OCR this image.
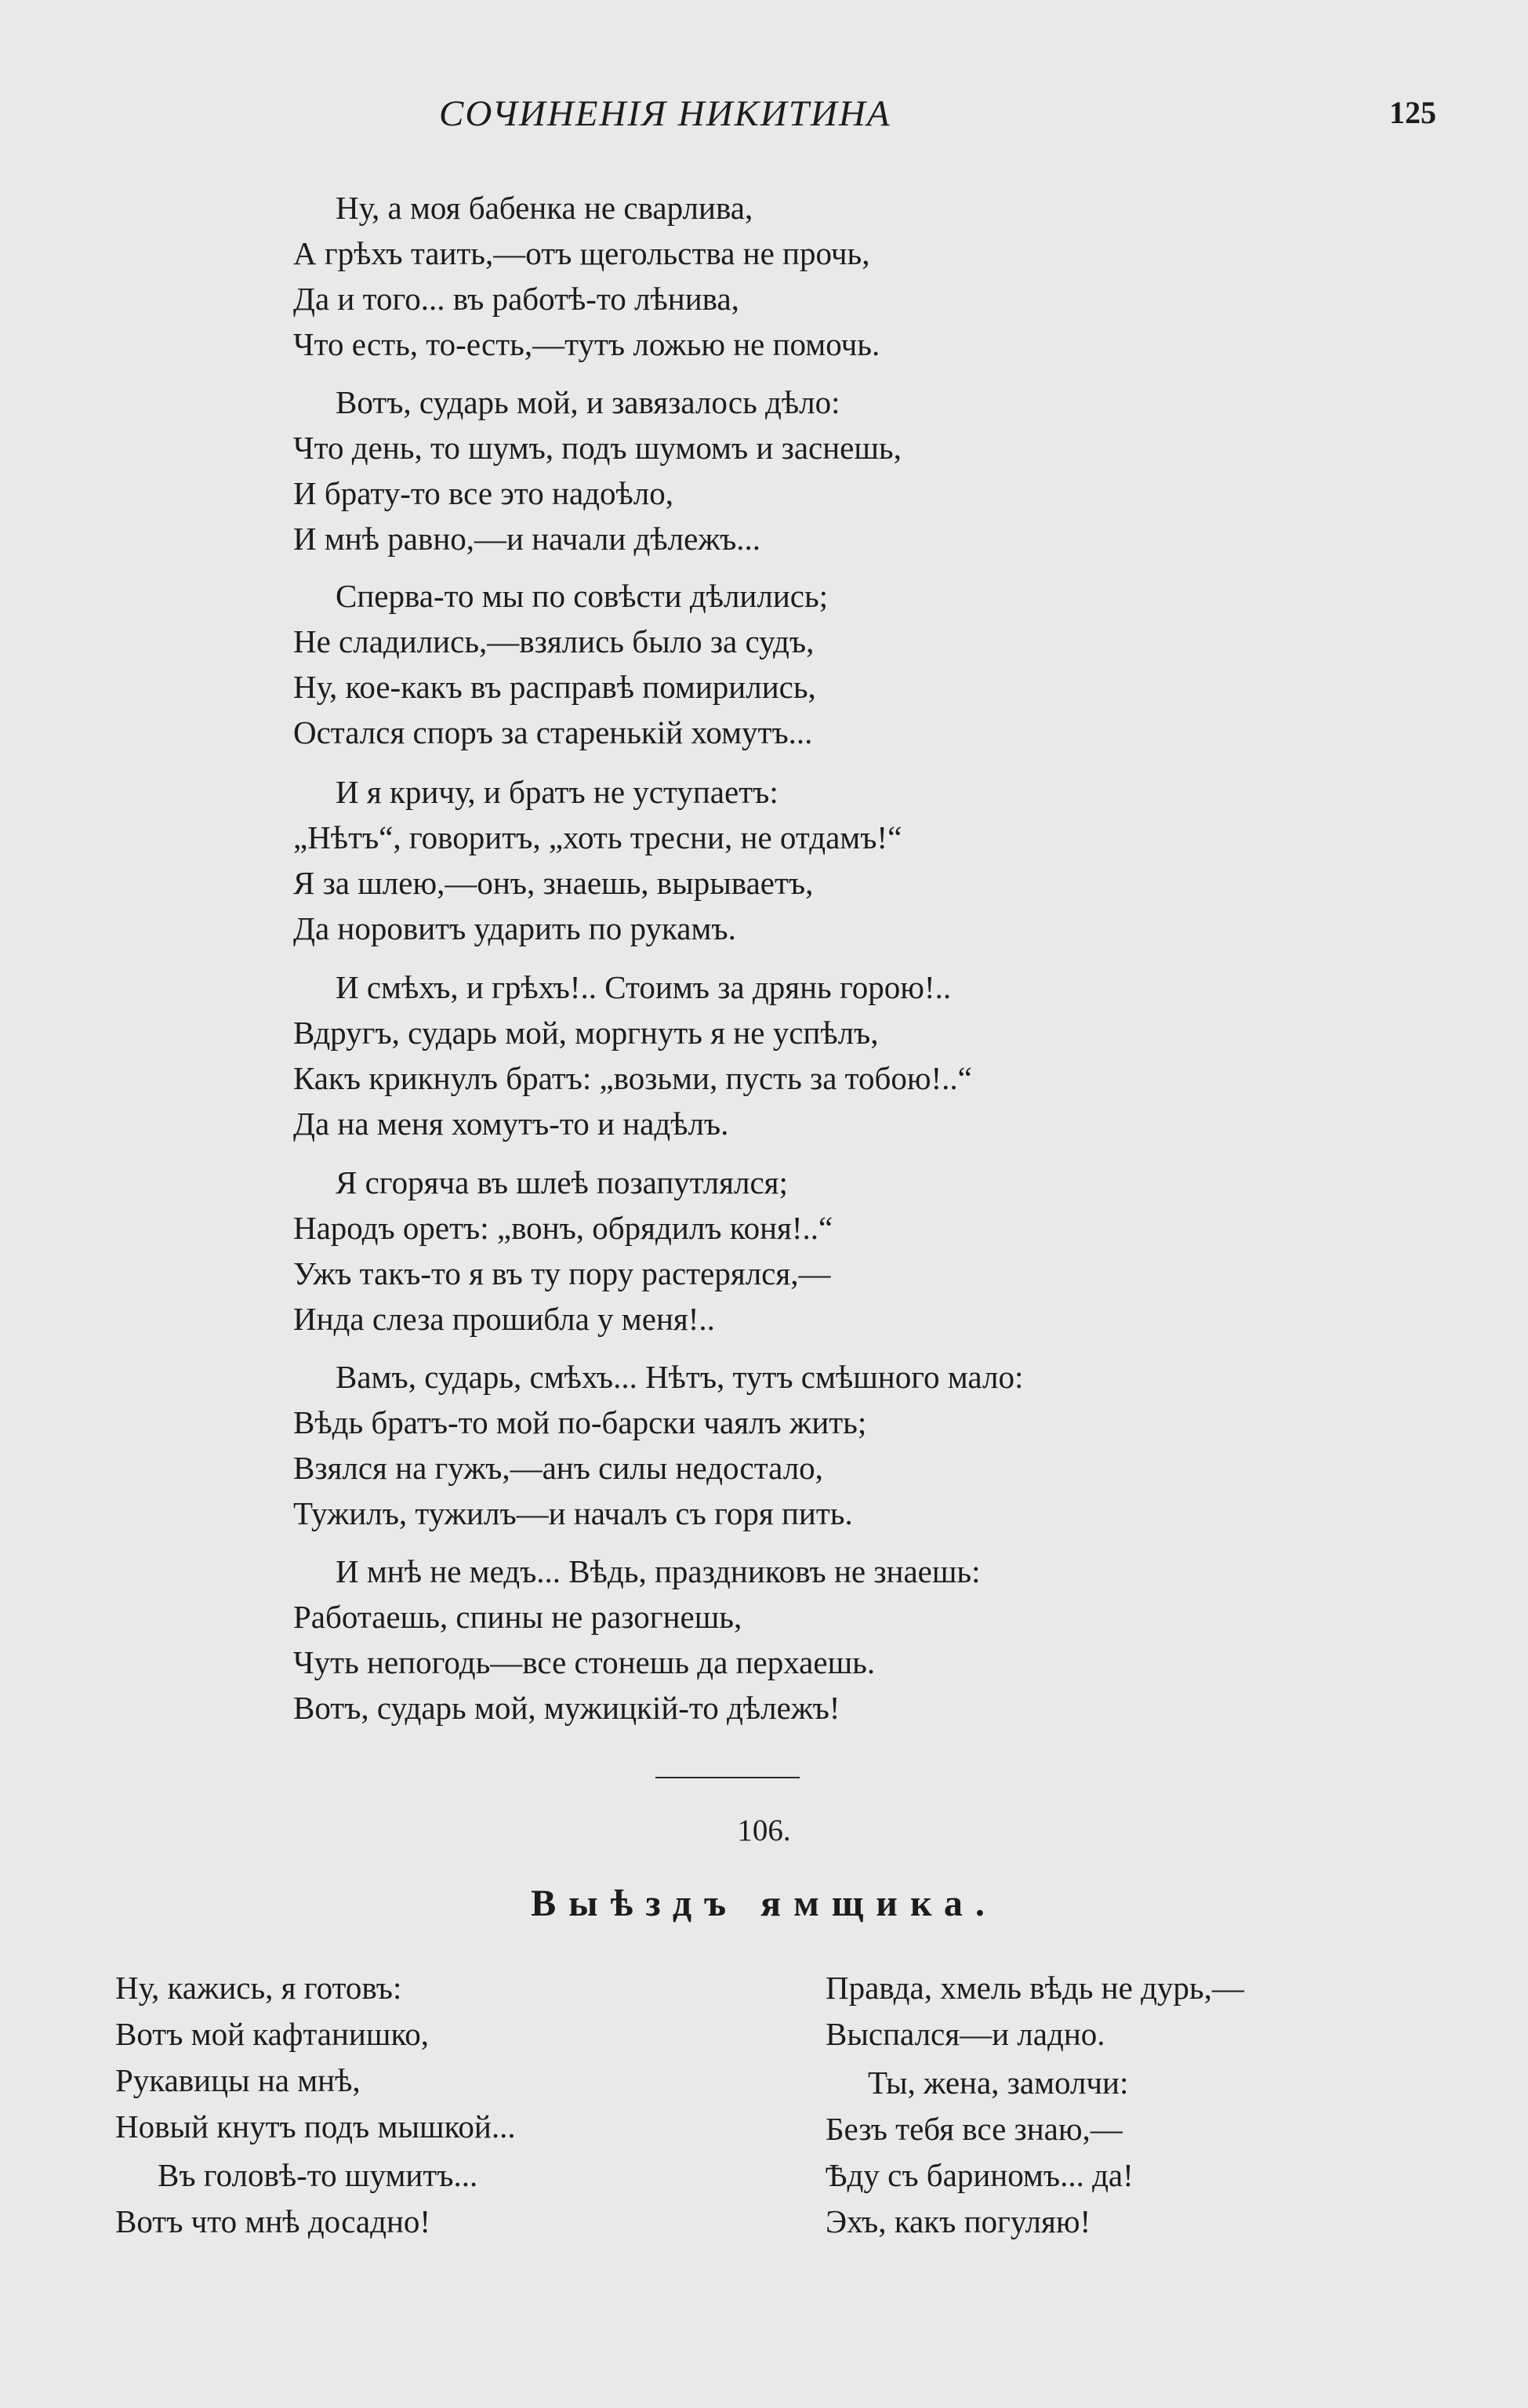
СОЧИНЕНІЯ НИКИТИНА	125
Ну, а моя бабенка не сварлива,
А грѣхъ таить,—отъ щегольства не прочь,
Да и того... въ работѣ-то лѣнива,
Что есть, то-есть,—тутъ ложью не помочь.
Вотъ, сударь мой, и завязалось дѣло:
Что день, то шумъ, подъ шумомъ и заснешь,
И брату-то все это надоѣло,
И мнѣ равно,—и начали дѣлежъ...
Сперва-то мы по совѣсти дѣлились;
Не сладились,—взялись было за судъ,
Ну, кое-какъ въ расправѣ помирились,
Остался споръ за старенькій хомутъ...
И я кричу, и братъ не уступаетъ:
„Нѣтъ“, говоритъ, „хоть тресни, не отдамъ!“
Я за шлею,—онъ, знаешь, вырываетъ,
Да норовитъ ударить по рукамъ.
И смѣхъ, и грѣхъ!.. Стоимъ за дрянь горою!..
Вдругъ, сударь мой, моргнуть я не успѣлъ,
Какъ крикнулъ братъ: „возьми, пусть за тобою!..“
Да на меня хомутъ-то и надѣлъ.
Я сгоряча въ шлеѣ позапутлялся;
Народъ оретъ: „вонъ, обрядилъ коня!..“
Ужъ такъ-то я въ ту пору растерялся,—
Инда слеза прошибла у меня!..
Вамъ, сударь, смѣхъ... Нѣтъ, тутъ смѣшного мало:
Вѣдь братъ-то мой по-барски чаялъ жить;
Взялся на гужъ,—анъ силы недостало,
Тужилъ, тужилъ—и началъ съ горя пить.
И мнѣ не медъ... Вѣдь, праздниковъ не знаешь:
Работаешь, спины не разогнешь,
Чуть непогодь—все стонешь да перхаешь.
Вотъ, сударь мой, мужицкій-то дѣлежъ!
106.
Выѣздъ ямщика.
Ну, кажись, я готовъ:
Вотъ мой кафтанишко,
Рукавицы на мнѣ,
Новый кнутъ подъ мышкой...
Въ головѣ-то шумитъ...
Вотъ что мнѣ досадно!
Правда, хмель вѣдь не дурь,—
Выспался—и ладно.
Ты, жена, замолчи:
Безъ тебя все знаю,—
Ѣду съ бариномъ... да!
Эхъ, какъ погуляю!
